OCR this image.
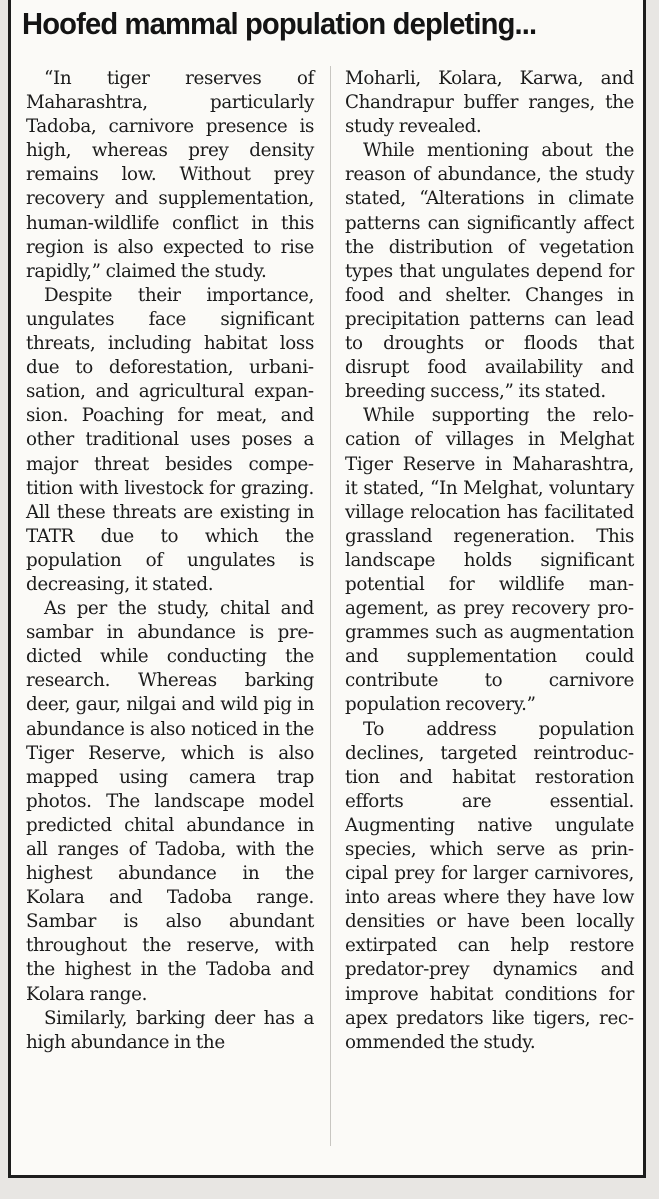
Hoofed mammal population depleting...

“In tiger reserves of Maharashtra, particularly Tadoba, carnivore presence is high, whereas prey density remains low. Without prey recovery and supplementation, human-wildlife conflict in this region is also expected to rise rapidly,” claimed the study.

Despite their importance, ungulates face significant threats, including habitat loss due to deforestation, urbanisation, and agricultural expansion. Poaching for meat, and other traditional uses poses a major threat besides competition with livestock for grazing. All these threats are existing in TATR due to which the population of ungulates is decreasing, it stated.

As per the study, chital and sambar in abundance is predicted while conducting the research. Whereas barking deer, gaur, nilgai and wild pig in abundance is also noticed in the Tiger Reserve, which is also mapped using camera trap photos. The landscape model predicted chital abundance in all ranges of Tadoba, with the highest abundance in the Kolara and Tadoba range. Sambar is also abundant throughout the reserve, with the highest in the Tadoba and Kolara range.

Similarly, barking deer has a high abundance in the

Moharli, Kolara, Karwa, and Chandrapur buffer ranges, the study revealed.

While mentioning about the reason of abundance, the study stated, “Alterations in climate patterns can significantly affect the distribution of vegetation types that ungulates depend for food and shelter. Changes in precipitation patterns can lead to droughts or floods that disrupt food availability and breeding success,” its stated.

While supporting the relocation of villages in Melghat Tiger Reserve in Maharashtra, it stated, “In Melghat, voluntary village relocation has facilitated grassland regeneration. This landscape holds significant potential for wildlife management, as prey recovery programmes such as augmentation and supplementation could contribute to carnivore population recovery.”

To address population declines, targeted reintroduction and habitat restoration efforts are essential. Augmenting native ungulate species, which serve as principal prey for larger carnivores, into areas where they have low densities or have been locally extirpated can help restore predator-prey dynamics and improve habitat conditions for apex predators like tigers, recommended the study.
